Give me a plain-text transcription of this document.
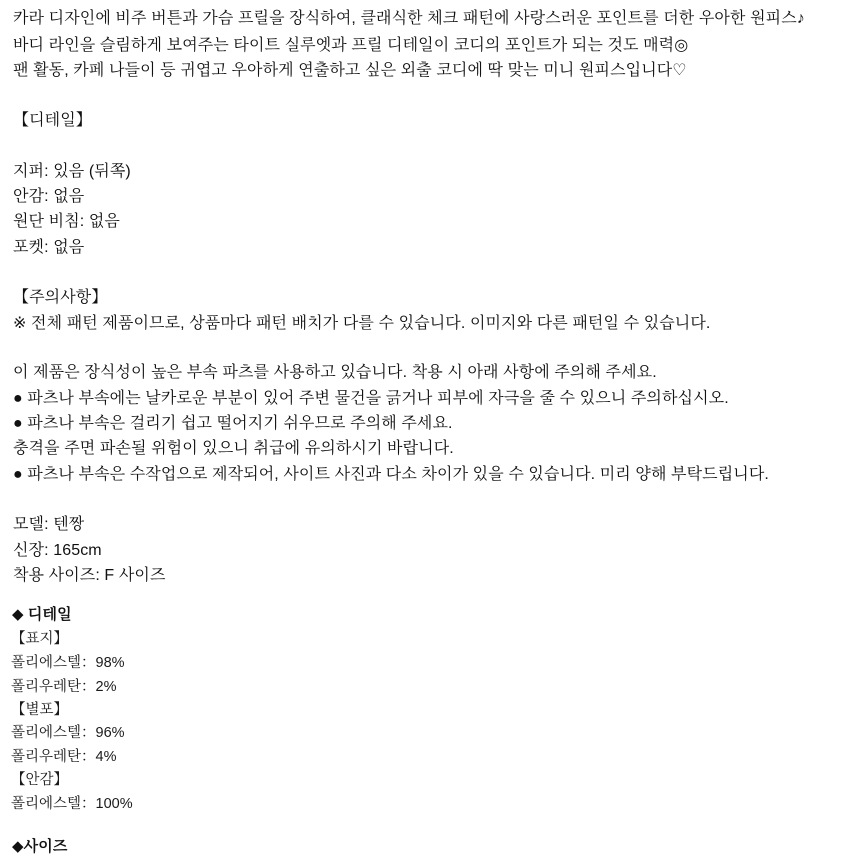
카라 디자인에 비주 버튼과 가슴 프릴을 장식하여, 클래식한 체크 패턴에 사랑스러운 포인트를 더한 우아한 원피스♪
바디 라인을 슬림하게 보여주는 타이트 실루엣과 프릴 디테일이 코디의 포인트가 되는 것도 매력◎
팬 활동, 카페 나들이 등 귀엽고 우아하게 연출하고 싶은 외출 코디에 딱 맞는 미니 원피스입니다♡
【디테일】
지퍼: 있음 (뒤쪽)
안감: 없음
원단 비침: 없음
포켓: 없음
【주의사항】
※ 전체 패턴 제품이므로, 상품마다 패턴 배치가 다를 수 있습니다. 이미지와 다른 패턴일 수 있습니다.
이 제품은 장식성이 높은 부속 파츠를 사용하고 있습니다. 착용 시 아래 사항에 주의해 주세요.
● 파츠나 부속에는 날카로운 부분이 있어 주변 물건을 긁거나 피부에 자극을 줄 수 있으니 주의하십시오.
● 파츠나 부속은 걸리기 쉽고 떨어지기 쉬우므로 주의해 주세요.
충격을 주면 파손될 위험이 있으니 취급에 유의하시기 바랍니다.
● 파츠나 부속은 수작업으로 제작되어, 사이트 사진과 다소 차이가 있을 수 있습니다. 미리 양해 부탁드립니다.
모델: 텐짱
신장: 165cm
착용 사이즈: F 사이즈
◆ 디테일
【표지】
폴리에스텔：98%
폴리우레탄：2%
【별포】
폴리에스텔：96%
폴리우레탄：4%
【안감】
폴리에스텔：100%
◆사이즈
